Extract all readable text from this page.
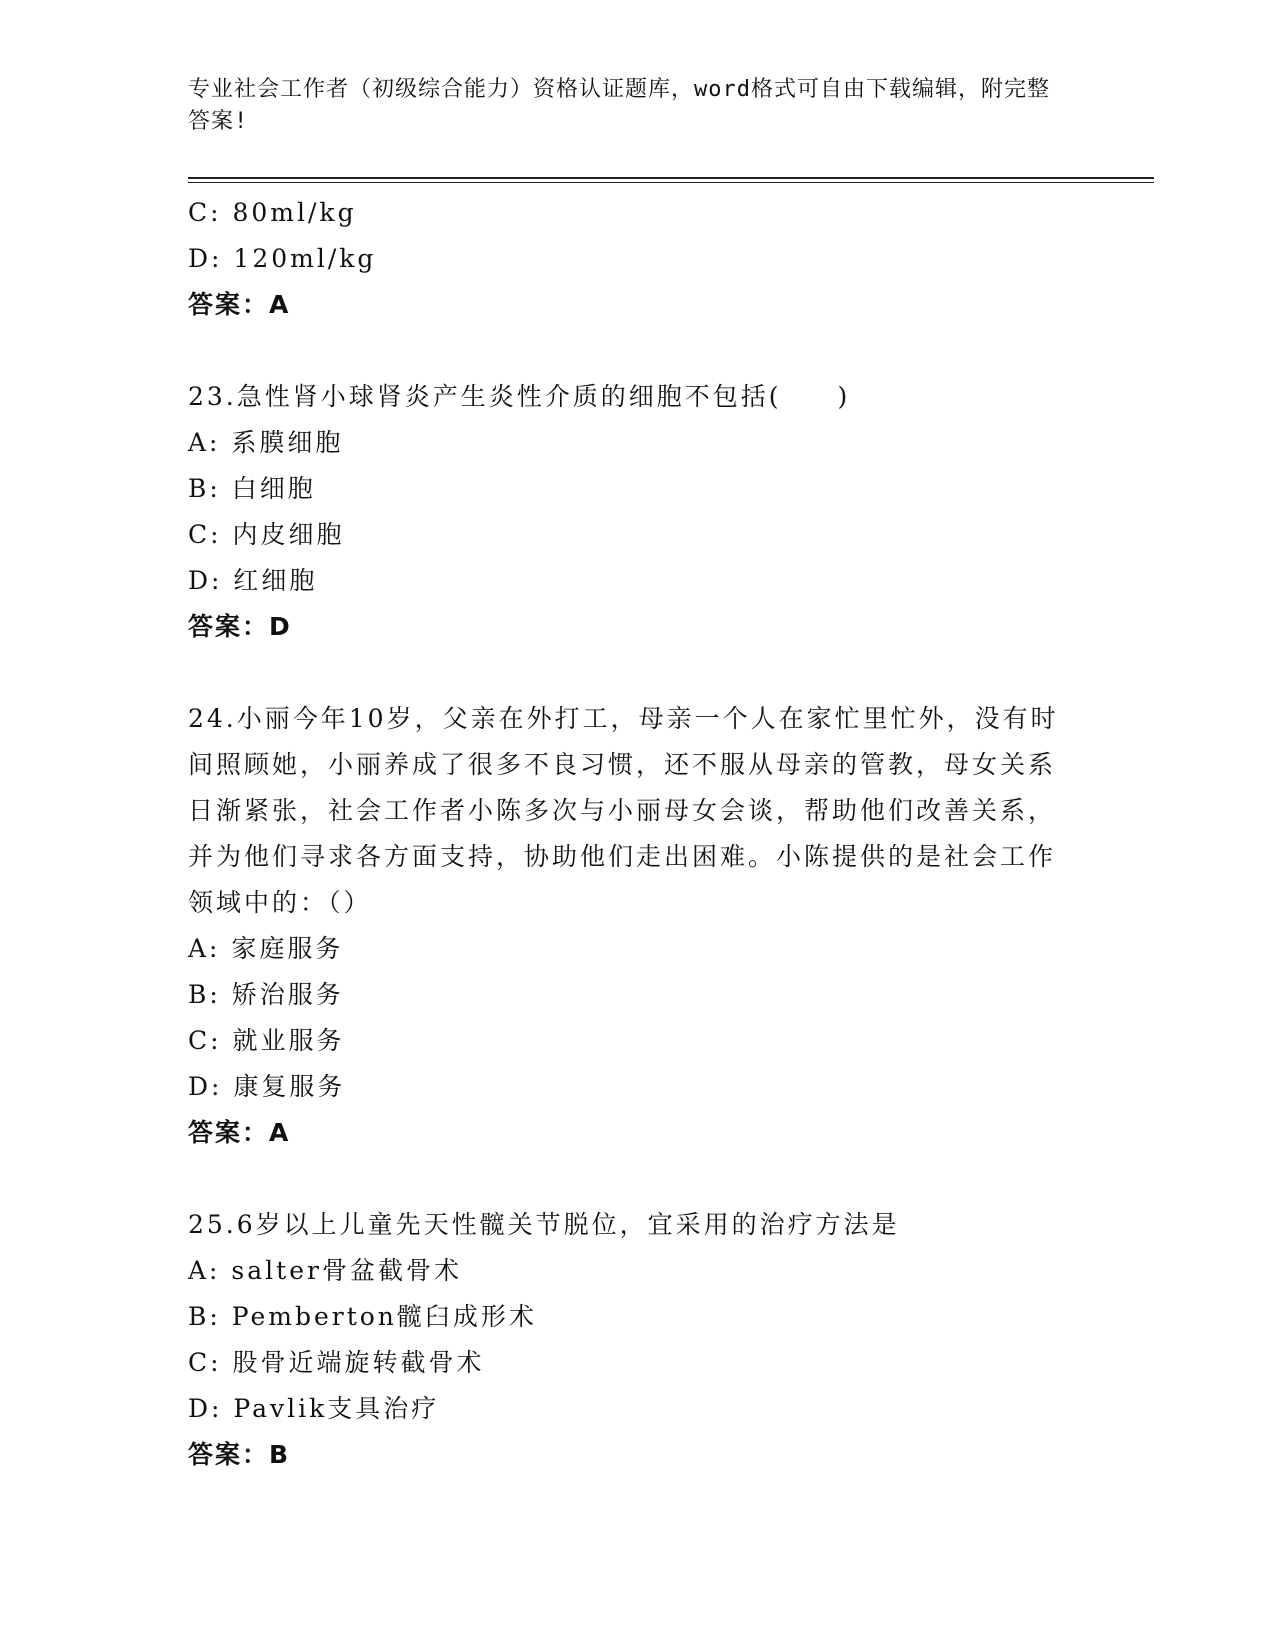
专业社会工作者（初级综合能力）资格认证题库，word格式可自由下载编辑，附完整答案!
C: 80ml/kg
D: 120ml/kg
答案：A
23.急性肾小球肾炎产生炎性介质的细胞不包括(　　)
A: 系膜细胞
B: 白细胞
C: 内皮细胞
D: 红细胞
答案：D
24.小丽今年10岁，父亲在外打工，母亲一个人在家忙里忙外，没有时间照顾她，小丽养成了很多不良习惯，还不服从母亲的管教，母女关系日渐紧张，社会工作者小陈多次与小丽母女会谈，帮助他们改善关系，并为他们寻求各方面支持，协助他们走出困难。小陈提供的是社会工作领域中的：（）
A: 家庭服务
B: 矫治服务
C: 就业服务
D: 康复服务
答案：A
25.6岁以上儿童先天性髋关节脱位，宜采用的治疗方法是
A: salter骨盆截骨术
B: Pemberton髋臼成形术
C: 股骨近端旋转截骨术
D: Pavlik支具治疗
答案：B
